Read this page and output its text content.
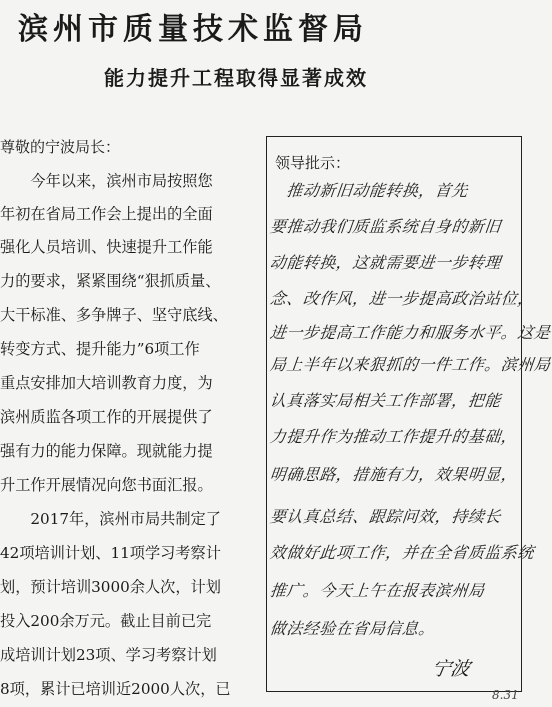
滨州市质量技术监督局
能力提升工程取得显著成效
尊敬的宁波局长：
　　今年以来，滨州市局按照您
年初在省局工作会上提出的全面
强化人员培训、快速提升工作能
力的要求，紧紧围绕“狠抓质量、
大干标准、多争牌子、坚守底线、
转变方式、提升能力”6项工作
重点安排加大培训教育力度，为
滨州质监各项工作的开展提供了
强有力的能力保障。现就能力提
升工作开展情况向您书面汇报。
　　2017年，滨州市局共制定了
42项培训计划、11项学习考察计
划，预计培训3000余人次，计划
投入200余万元。截止目前已完
成培训计划23项、学习考察计划
8项，累计已培训近2000人次，已
领导批示：
　推动新旧动能转换，首先
要推动我们质监系统自身的新旧
动能转换，这就需要进一步转理
念、改作风，进一步提高政治站位，
进一步提高工作能力和服务水平。这是
局上半年以来狠抓的一件工作。滨州局
认真落实局相关工作部署，把能
力提升作为推动工作提升的基础，
明确思路，措施有力，效果明显，
要认真总结、跟踪问效，持续长
效做好此项工作，并在全省质监系统
推广。今天上午在报表滨州局
做法经验在省局信息。
宁波
8.31
